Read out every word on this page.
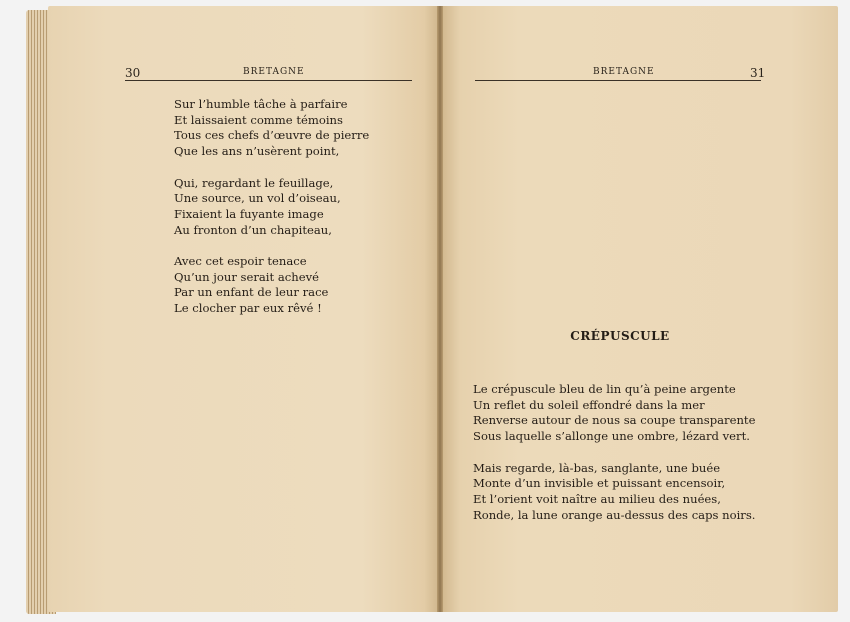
30	BRETAGNE
Sur l’humble tâche à parfaire
Et laissaient comme témoins
Tous ces chefs d’œuvre de pierre
Que les ans n’usèrent point,
Qui, regardant le feuillage,
Une source, un vol d’oiseau,
Fixaient la fuyante image
Au fronton d’un chapiteau,
Avec cet espoir tenace
Qu’un jour serait achevé
Par un enfant de leur race
Le clocher par eux rêvé !
BRETAGNE	31
CRÉPUSCULE
Le crépuscule bleu de lin qu’à peine argente
Un reflet du soleil effondré dans la mer
Renverse autour de nous sa coupe transparente
Sous laquelle s’allonge une ombre, lézard vert.
Mais regarde, là-bas, sanglante, une buée
Monte d’un invisible et puissant encensoir,
Et l’orient voit naître au milieu des nuées,
Ronde, la lune orange au-dessus des caps noirs.
